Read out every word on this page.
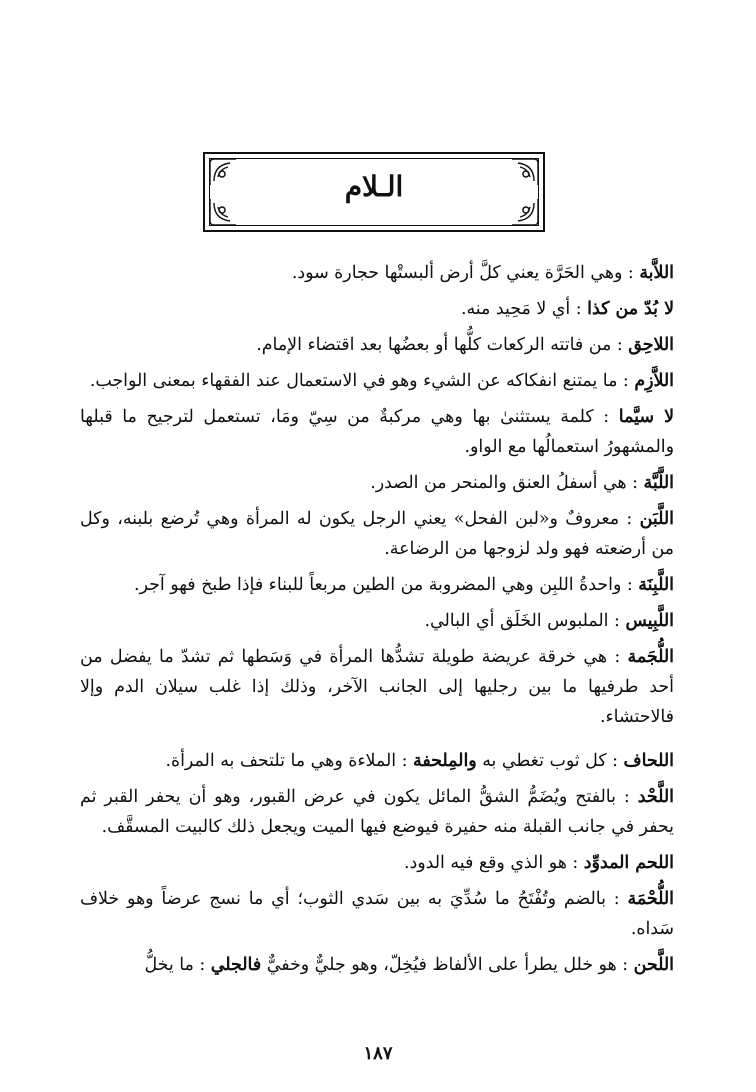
الـلام

اللاَّبة : وهي الحَرَّة يعني كلَّ أرض ألبستْها حجارة سود.

لا بُدّ من كذا : أي لا مَحِيد منه.

اللاحِق : من فاتته الركعات كلُّها أو بعضُها بعد اقتضاء الإمام.

اللاَّزِم : ما يمتنع انفكاكه عن الشيء وهو في الاستعمال عند الفقهاء بمعنى الواجب.

لا سيَّما : كلمة يستثنىٰ بها وهي مركبةٌ من سِيّ ومَا، تستعمل لترجيح ما قبلها والمشهورُ استعمالُها مع الواو.

اللَّبَّة : هي أسفلُ العنق والمنحر من الصدر.

اللَّبَن : معروفٌ و«لبن الفحل» يعني الرجل يكون له المرأة وهي تُرضع بلبنه، وكل من أرضعته فهو ولد لزوجها من الرضاعة.

اللَّبِنَة : واحدةُ اللبِن وهي المضروبة من الطين مربعاً للبناء فإذا طبخ فهو آجر.

اللَّبِيس : الملبوس الخَلَق أي البالي.

اللُّجَمة : هي خرقة عريضة طويلة تشدُّها المرأة في وَسَطها ثم تشدّ ما يفضل من أحد طرفيها ما بين رجليها إلى الجانب الآخر، وذلك إذا غلب سيلان الدم وإلا فالاحتشاء.

اللحاف : كل ثوب تغطي به والمِلحفة : الملاءة وهي ما تلتحف به المرأة.

اللَّحْد : بالفتح ويُضَمُّ الشقُّ المائل يكون في عرض القبور، وهو أن يحفر القبر ثم يحفر في جانب القبلة منه حفيرة فيوضع فيها الميت ويجعل ذلك كالبيت المسقَّف.

اللحم المدوِّد : هو الذي وقع فيه الدود.

اللُّحْمَة : بالضم وتُفْتَحُ ما سُدِّيَ به بين سَدي الثوب؛ أي ما نسج عرضاً وهو خلاف سَداه.

اللَّحن : هو خلل يطرأ على الألفاظ فيُخِلّ، وهو جليٌّ وخفيٌّ فالجلي : ما يخلُّ

١٨٧
